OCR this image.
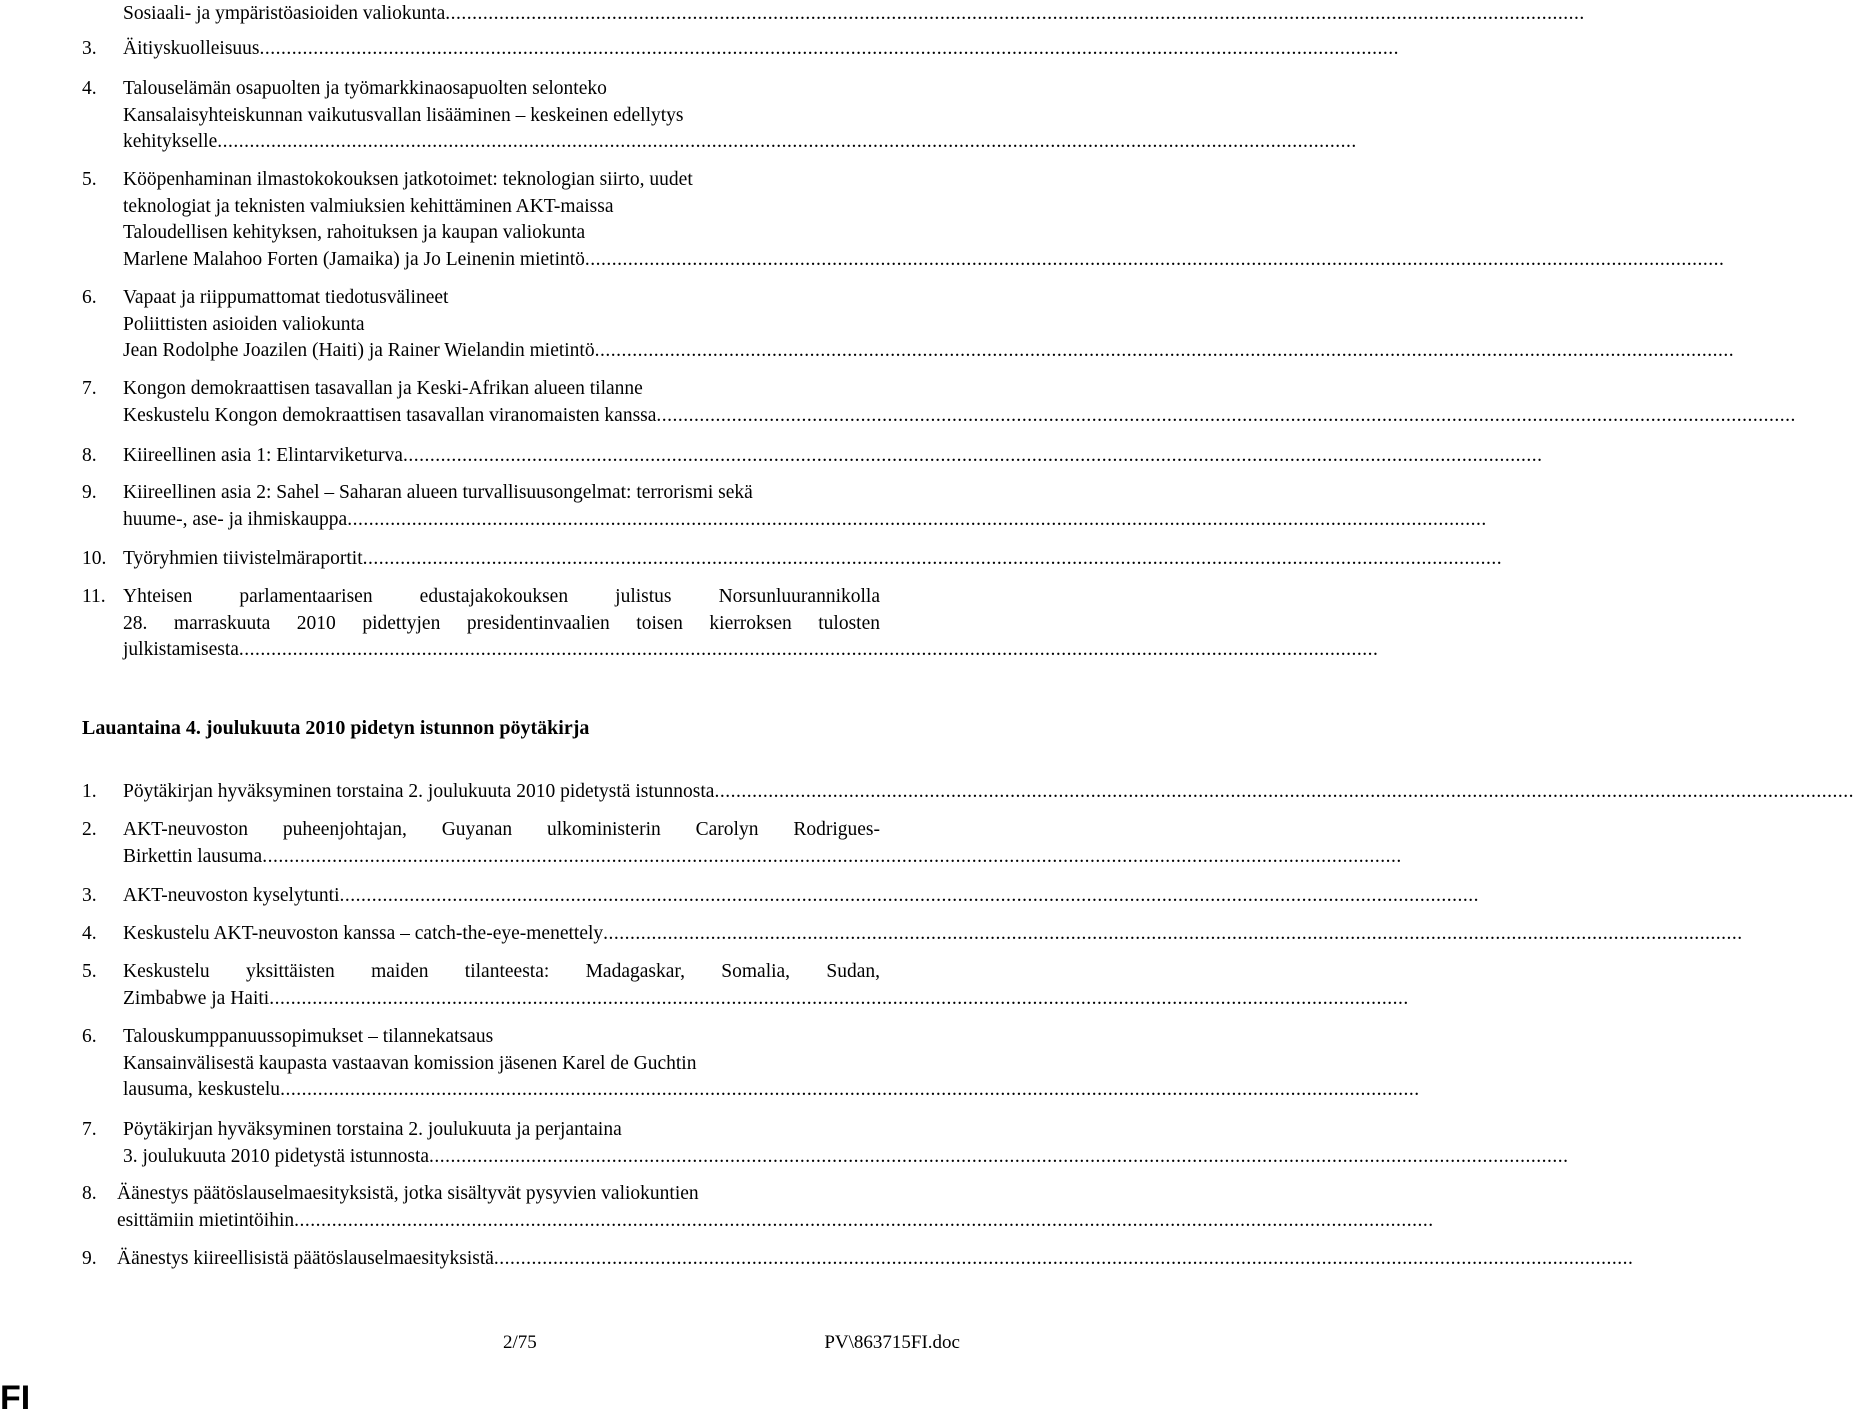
Sosiaali- ja ympäristöasioiden valiokunta ....................................................................................................................................................................................................................
3. Äitiyskuolleisuus ....................................................................................................................................................................................................................
4. Talouselämän osapuolten ja työmarkkinaosapuolten selonteko
Kansalaisyhteiskunnan vaikutusvallan lisääminen – keskeinen edellytys
kehitykselle ....................................................................................................................................................................................................................
5. Kööpenhaminan ilmastokokouksen jatkotoimet: teknologian siirto, uudet
teknologiat ja teknisten valmiuksien kehittäminen AKT-maissa
Taloudellisen kehityksen, rahoituksen ja kaupan valiokunta
Marlene Malahoo Forten (Jamaika) ja Jo Leinenin mietintö ....................................................................................................................................................................................................................
6. Vapaat ja riippumattomat tiedotusvälineet
Poliittisten asioiden valiokunta
Jean Rodolphe Joazilen (Haiti) ja Rainer Wielandin mietintö ....................................................................................................................................................................................................................
7. Kongon demokraattisen tasavallan ja Keski-Afrikan alueen tilanne
Keskustelu Kongon demokraattisen tasavallan viranomaisten kanssa ....................................................................................................................................................................................................................
8. Kiireellinen asia 1: Elintarviketurva ....................................................................................................................................................................................................................
9. Kiireellinen asia 2: Sahel – Saharan alueen turvallisuusongelmat: terrorismi sekä
huume-, ase- ja ihmiskauppa ....................................................................................................................................................................................................................
10. Työryhmien tiivistelmäraportit ....................................................................................................................................................................................................................
11. Yhteisen parlamentaarisen edustajakokouksen julistus Norsunluurannikolla
28. marraskuuta 2010 pidettyjen presidentinvaalien toisen kierroksen tulosten
julkistamisesta ....................................................................................................................................................................................................................
Lauantaina 4. joulukuuta 2010 pidetyn istunnon pöytäkirja
1. Pöytäkirjan hyväksyminen torstaina 2. joulukuuta 2010 pidetystä istunnosta ....................................................................................................................................................................................................................
2. AKT-neuvoston puheenjohtajan, Guyanan ulkoministerin Carolyn Rodrigues-
Birkettin lausuma ....................................................................................................................................................................................................................
3. AKT-neuvoston kyselytunti ....................................................................................................................................................................................................................
4. Keskustelu AKT-neuvoston kanssa – catch-the-eye-menettely ....................................................................................................................................................................................................................
5. Keskustelu yksittäisten maiden tilanteesta: Madagaskar, Somalia, Sudan,
Zimbabwe ja Haiti ....................................................................................................................................................................................................................
6. Talouskumppanuussopimukset – tilannekatsaus
Kansainvälisestä kaupasta vastaavan komission jäsenen Karel de Guchtin
lausuma, keskustelu ....................................................................................................................................................................................................................
7. Pöytäkirjan hyväksyminen torstaina 2. joulukuuta ja perjantaina
3. joulukuuta 2010 pidetystä istunnosta ....................................................................................................................................................................................................................
8. Äänestys päätöslauselmaesityksistä, jotka sisältyvät pysyvien valiokuntien
esittämiin mietintöihin ....................................................................................................................................................................................................................
9. Äänestys kiireellisistä päätöslauselmaesityksistä ....................................................................................................................................................................................................................
2/75	PV\863715FI.doc
FI
